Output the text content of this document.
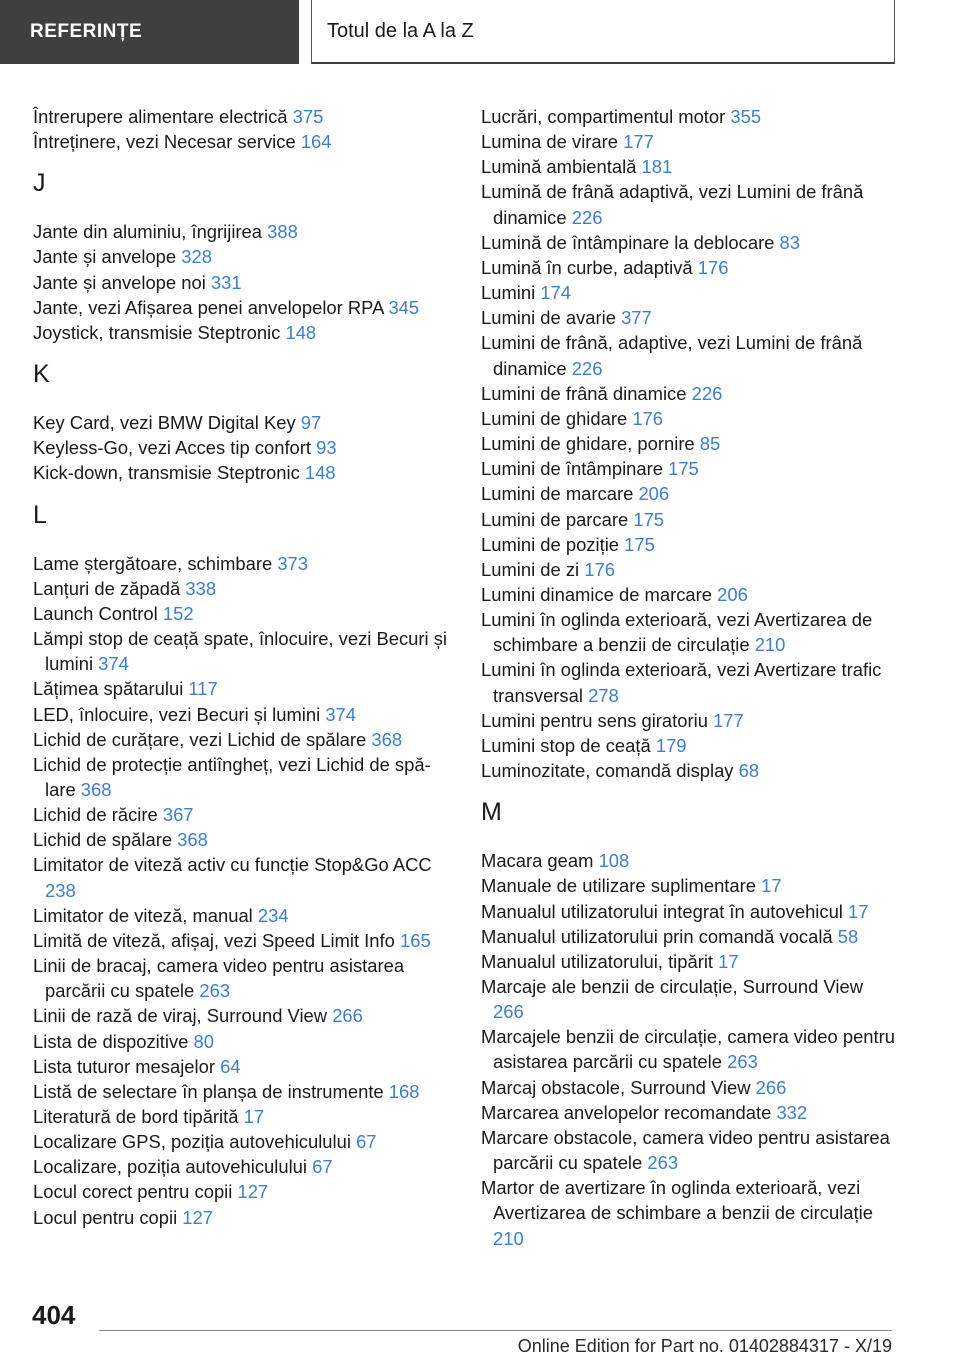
REFERINȚE	Totul de la A la Z
Întrerupere alimentare electrică 375
Întreținere, vezi Necesar service 164
J
Jante din aluminiu, îngrijirea 388
Jante și anvelope 328
Jante și anvelope noi 331
Jante, vezi Afișarea penei anvelopelor RPA 345
Joystick, transmisie Steptronic 148
K
Key Card, vezi BMW Digital Key 97
Keyless-Go, vezi Acces tip confort 93
Kick-down, transmisie Steptronic 148
L
Lame ștergătoare, schimbare 373
Lanțuri de zăpadă 338
Launch Control 152
Lămpi stop de ceață spate, înlocuire, vezi Becuri și lumini 374
Lățimea spătarului 117
LED, înlocuire, vezi Becuri și lumini 374
Lichid de curățare, vezi Lichid de spălare 368
Lichid de protecție antiîngheț, vezi Lichid de spălare 368
Lichid de răcire 367
Lichid de spălare 368
Limitator de viteză activ cu funcție Stop&Go ACC 238
Limitator de viteză, manual 234
Limită de viteză, afișaj, vezi Speed Limit Info 165
Linii de bracaj, camera video pentru asistarea parcării cu spatele 263
Linii de rază de viraj, Surround View 266
Lista de dispozitive 80
Lista tuturor mesajelor 64
Listă de selectare în planșa de instrumente 168
Literatură de bord tipărită 17
Localizare GPS, poziția autovehiculului 67
Localizare, poziția autovehiculului 67
Locul corect pentru copii 127
Locul pentru copii 127
Lucrări, compartimentul motor 355
Lumina de virare 177
Lumină ambientală 181
Lumină de frână adaptivă, vezi Lumini de frână dinamice 226
Lumină de întâmpinare la deblocare 83
Lumină în curbe, adaptivă 176
Lumini 174
Lumini de avarie 377
Lumini de frână, adaptive, vezi Lumini de frână dinamice 226
Lumini de frână dinamice 226
Lumini de ghidare 176
Lumini de ghidare, pornire 85
Lumini de întâmpinare 175
Lumini de marcare 206
Lumini de parcare 175
Lumini de poziție 175
Lumini de zi 176
Lumini dinamice de marcare 206
Lumini în oglinda exterioară, vezi Avertizarea de schimbare a benzii de circulație 210
Lumini în oglinda exterioară, vezi Avertizare trafic transversal 278
Lumini pentru sens giratoriu 177
Lumini stop de ceață 179
Luminozitate, comandă display 68
M
Macara geam 108
Manuale de utilizare suplimentare 17
Manualul utilizatorului integrat în autovehicul 17
Manualul utilizatorului prin comandă vocală 58
Manualul utilizatorului, tipărit 17
Marcaje ale benzii de circulație, Surround View 266
Marcajele benzii de circulație, camera video pentru asistarea parcării cu spatele 263
Marcaj obstacole, Surround View 266
Marcarea anvelopelor recomandate 332
Marcare obstacole, camera video pentru asistarea parcării cu spatele 263
Martor de avertizare în oglinda exterioară, vezi Avertizarea de schimbare a benzii de circulație 210
404
Online Edition for Part no. 01402884317 - X/19
